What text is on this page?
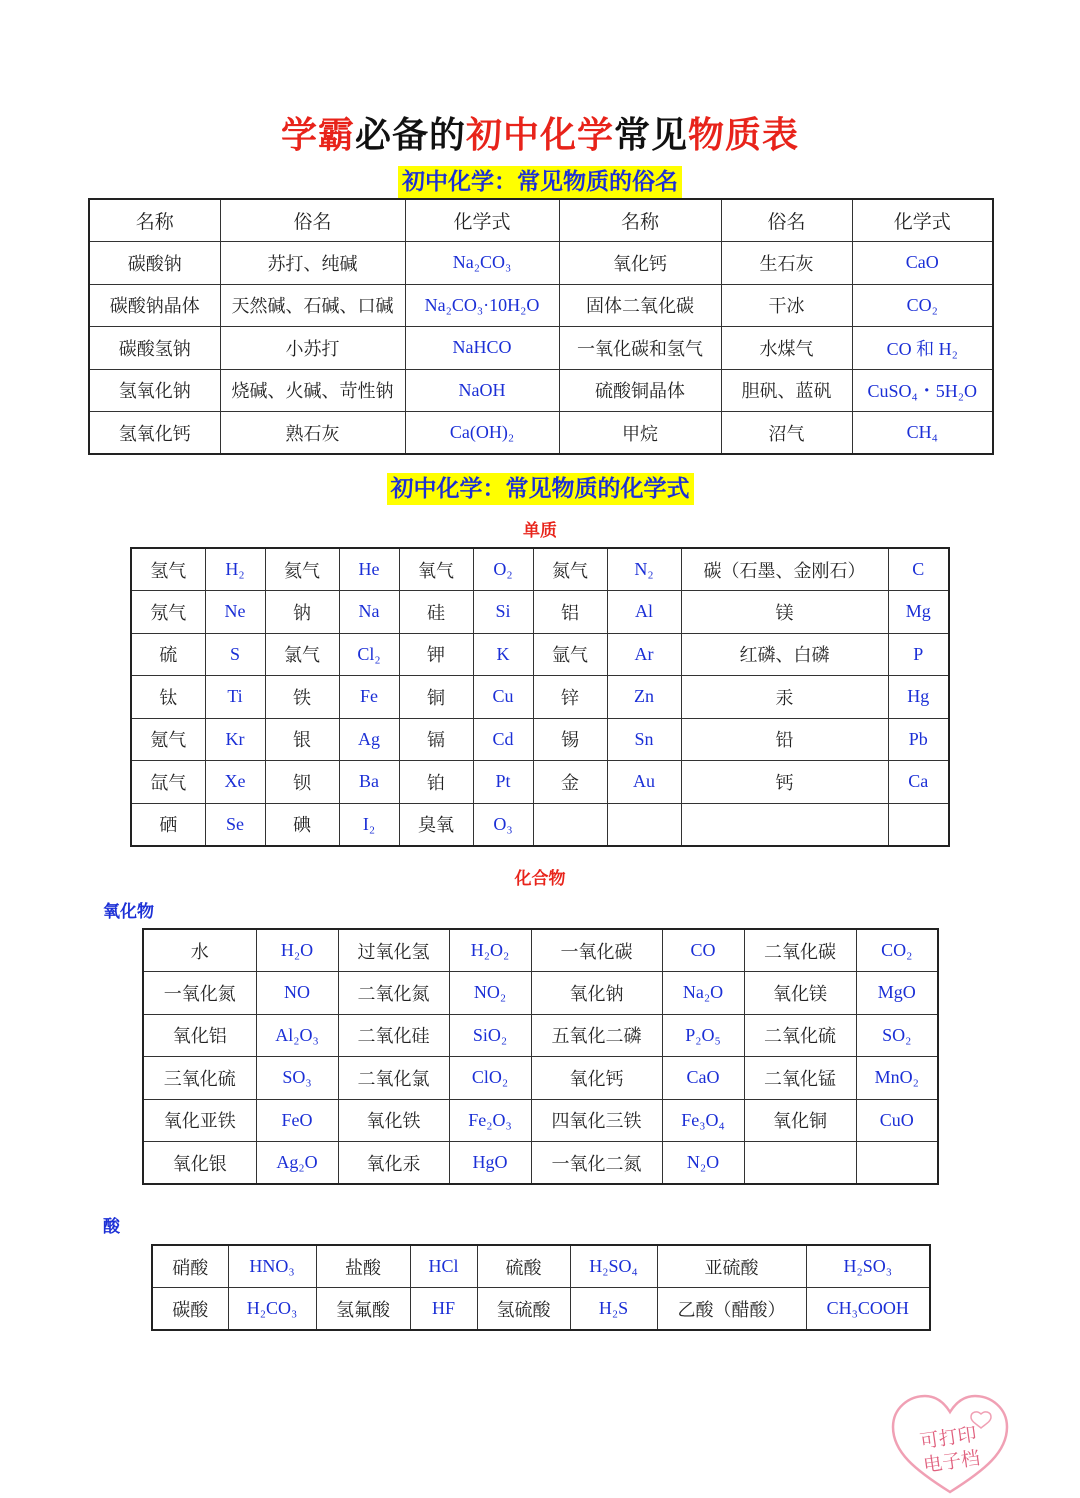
学霸必备的初中化学常见物质表
初中化学：常见物质的俗名
名称	俗名	化学式	名称	俗名	化学式
碳酸钠	苏打、纯碱	Na₂CO₃	氧化钙	生石灰	CaO
碳酸钠晶体	天然碱、石碱、口碱	Na₂CO₃·10H₂O	固体二氧化碳	干冰	CO₂
碳酸氢钠	小苏打	NaHCO	一氧化碳和氢气	水煤气	CO 和 H₂
氢氧化钠	烧碱、火碱、苛性钠	NaOH	硫酸铜晶体	胆矾、蓝矾	CuSO₄・5H₂O
氢氧化钙	熟石灰	Ca(OH)₂	甲烷	沼气	CH₄
初中化学：常见物质的化学式
单质
氢气	H₂	氦气	He	氧气	O₂	氮气	N₂	碳（石墨、金刚石）	C
氖气	Ne	钠	Na	硅	Si	铝	Al	镁	Mg
硫	S	氯气	Cl₂	钾	K	氩气	Ar	红磷、白磷	P
钛	Ti	铁	Fe	铜	Cu	锌	Zn	汞	Hg
氪气	Kr	银	Ag	镉	Cd	锡	Sn	铅	Pb
氙气	Xe	钡	Ba	铂	Pt	金	Au	钙	Ca
硒	Se	碘	I₂	臭氧	O₃				
化合物
氧化物
水	H₂O	过氧化氢	H₂O₂	一氧化碳	CO	二氧化碳	CO₂
一氧化氮	NO	二氧化氮	NO₂	氧化钠	Na₂O	氧化镁	MgO
氧化铝	Al₂O₃	二氧化硅	SiO₂	五氧化二磷	P₂O₅	二氧化硫	SO₂
三氧化硫	SO₃	二氧化氯	ClO₂	氧化钙	CaO	二氧化锰	MnO₂
氧化亚铁	FeO	氧化铁	Fe₂O₃	四氧化三铁	Fe₃O₄	氧化铜	CuO
氧化银	Ag₂O	氧化汞	HgO	一氧化二氮	N₂O		
酸
硝酸	HNO₃	盐酸	HCl	硫酸	H₂SO₄	亚硫酸	H₂SO₃
碳酸	H₂CO₃	氢氟酸	HF	氢硫酸	H₂S	乙酸（醋酸）	CH₃COOH
可打印
电子档
